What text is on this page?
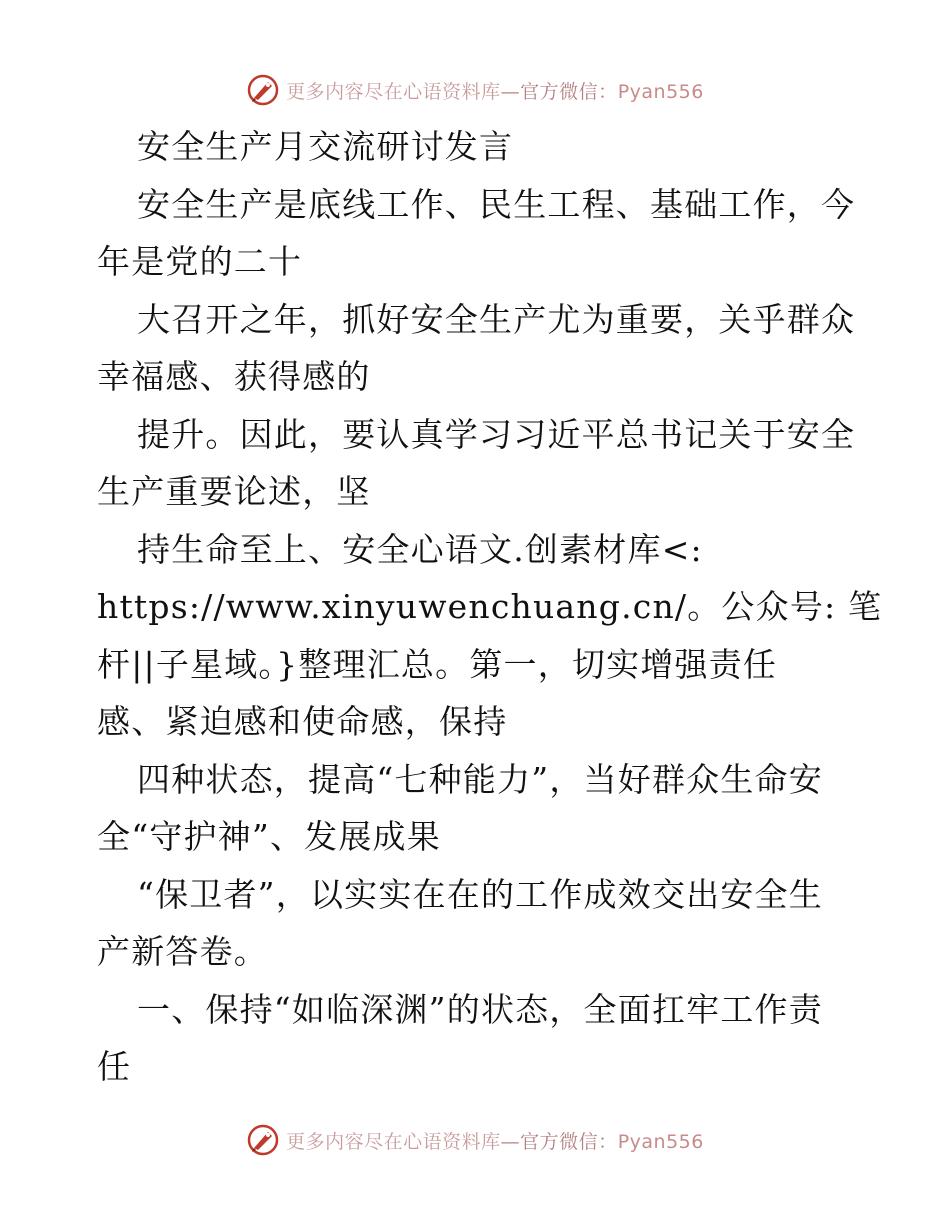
更多内容尽在心语资料库—官方微信：Pyan556
安全生产月交流研讨发言
安全生产是底线工作、民生工程、基础工作，今
年是党的二十
大召开之年，抓好安全生产尤为重要，关乎群众
幸福感、获得感的
提升。因此，要认真学习习近平总书记关于安全
生产重要论述，坚
持生命至上、安全心语文.创素材库<:
https://www.xinyuwenchuang.cn/。公众号: 笔
杆||子星域。}整理汇总。第一，切实增强责任
感、紧迫感和使命感，保持
四种状态，提高“七种能力”，当好群众生命安
全“守护神”、发展成果
“保卫者”，以实实在在的工作成效交出安全生
产新答卷。
一、保持“如临深渊”的状态，全面扛牢工作责
任
更多内容尽在心语资料库—官方微信：Pyan556
